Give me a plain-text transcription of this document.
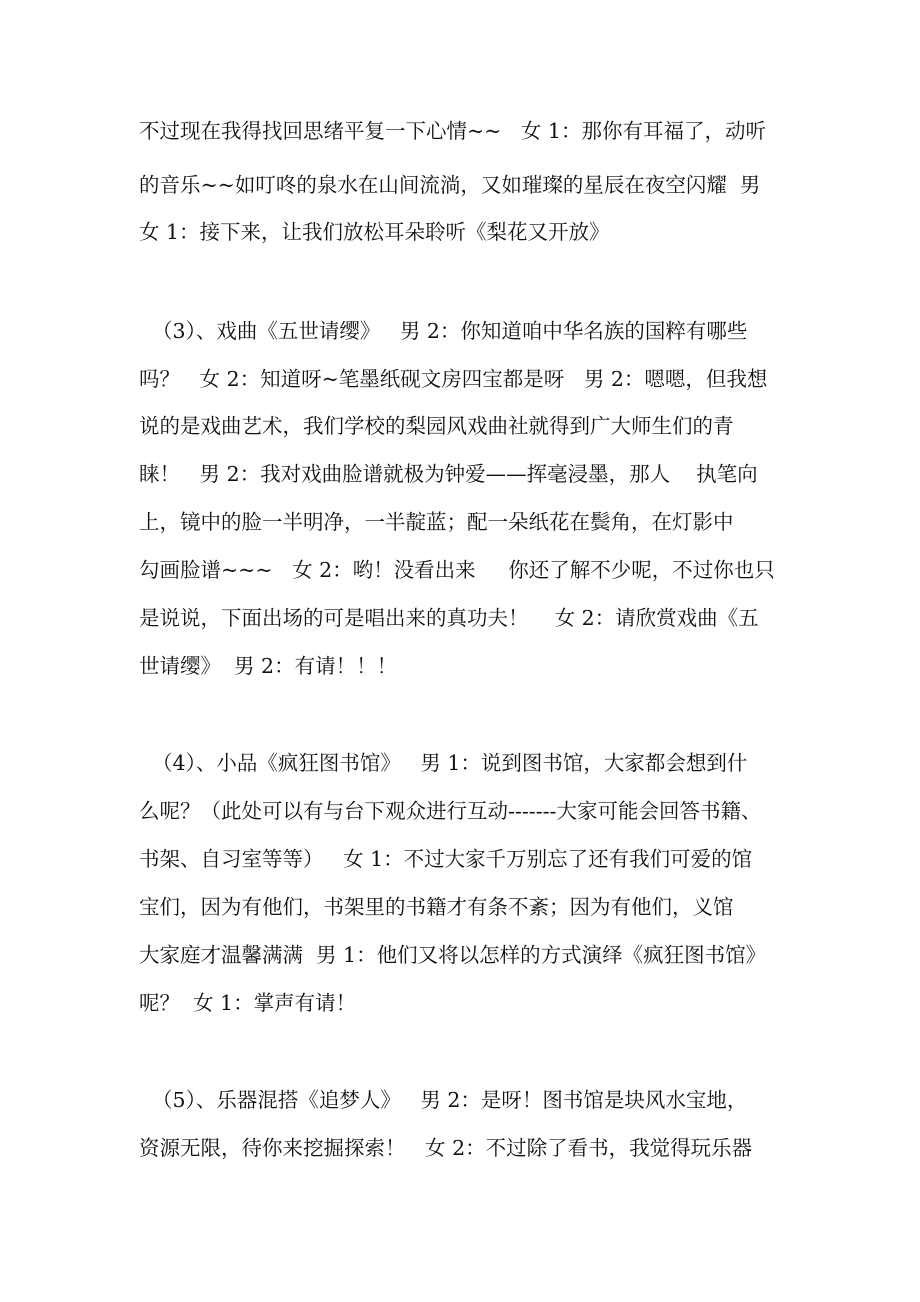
不过现在我得找回思绪平复一下心情~~   女 1：那你有耳福了，动听
的音乐~~如叮咚的泉水在山间流淌，又如璀璨的星辰在夜空闪耀  男
女 1：接下来，让我们放松耳朵聆听《梨花又开放》
（3）、戏曲《五世请缨》   男 2：你知道咱中华名族的国粹有哪些
吗？   女 2：知道呀~笔墨纸砚文房四宝都是呀   男 2：嗯嗯，但我想
说的是戏曲艺术，我们学校的梨园风戏曲社就得到广大师生们的青
睐！   男 2：我对戏曲脸谱就极为钟爱——挥毫浸墨，那人    执笔向
上，镜中的脸一半明净，一半靛蓝；配一朵纸花在鬓角，在灯影中
勾画脸谱~~~   女 2：哟！没看出来     你还了解不少呢，不过你也只
是说说，下面出场的可是唱出来的真功夫！    女 2：请欣赏戏曲《五
世请缨》  男 2：有请！！！
（4）、小品《疯狂图书馆》   男 1：说到图书馆，大家都会想到什
么呢？（此处可以有与台下观众进行互动-------大家可能会回答书籍、
书架、自习室等等）   女 1：不过大家千万别忘了还有我们可爱的馆
宝们，因为有他们，书架里的书籍才有条不紊；因为有他们，义馆
大家庭才温馨满满  男 1：他们又将以怎样的方式演绎《疯狂图书馆》
呢？  女 1：掌声有请！
（5）、乐器混搭《追梦人》   男 2：是呀！图书馆是块风水宝地，
资源无限，待你来挖掘探索！   女 2：不过除了看书，我觉得玩乐器
